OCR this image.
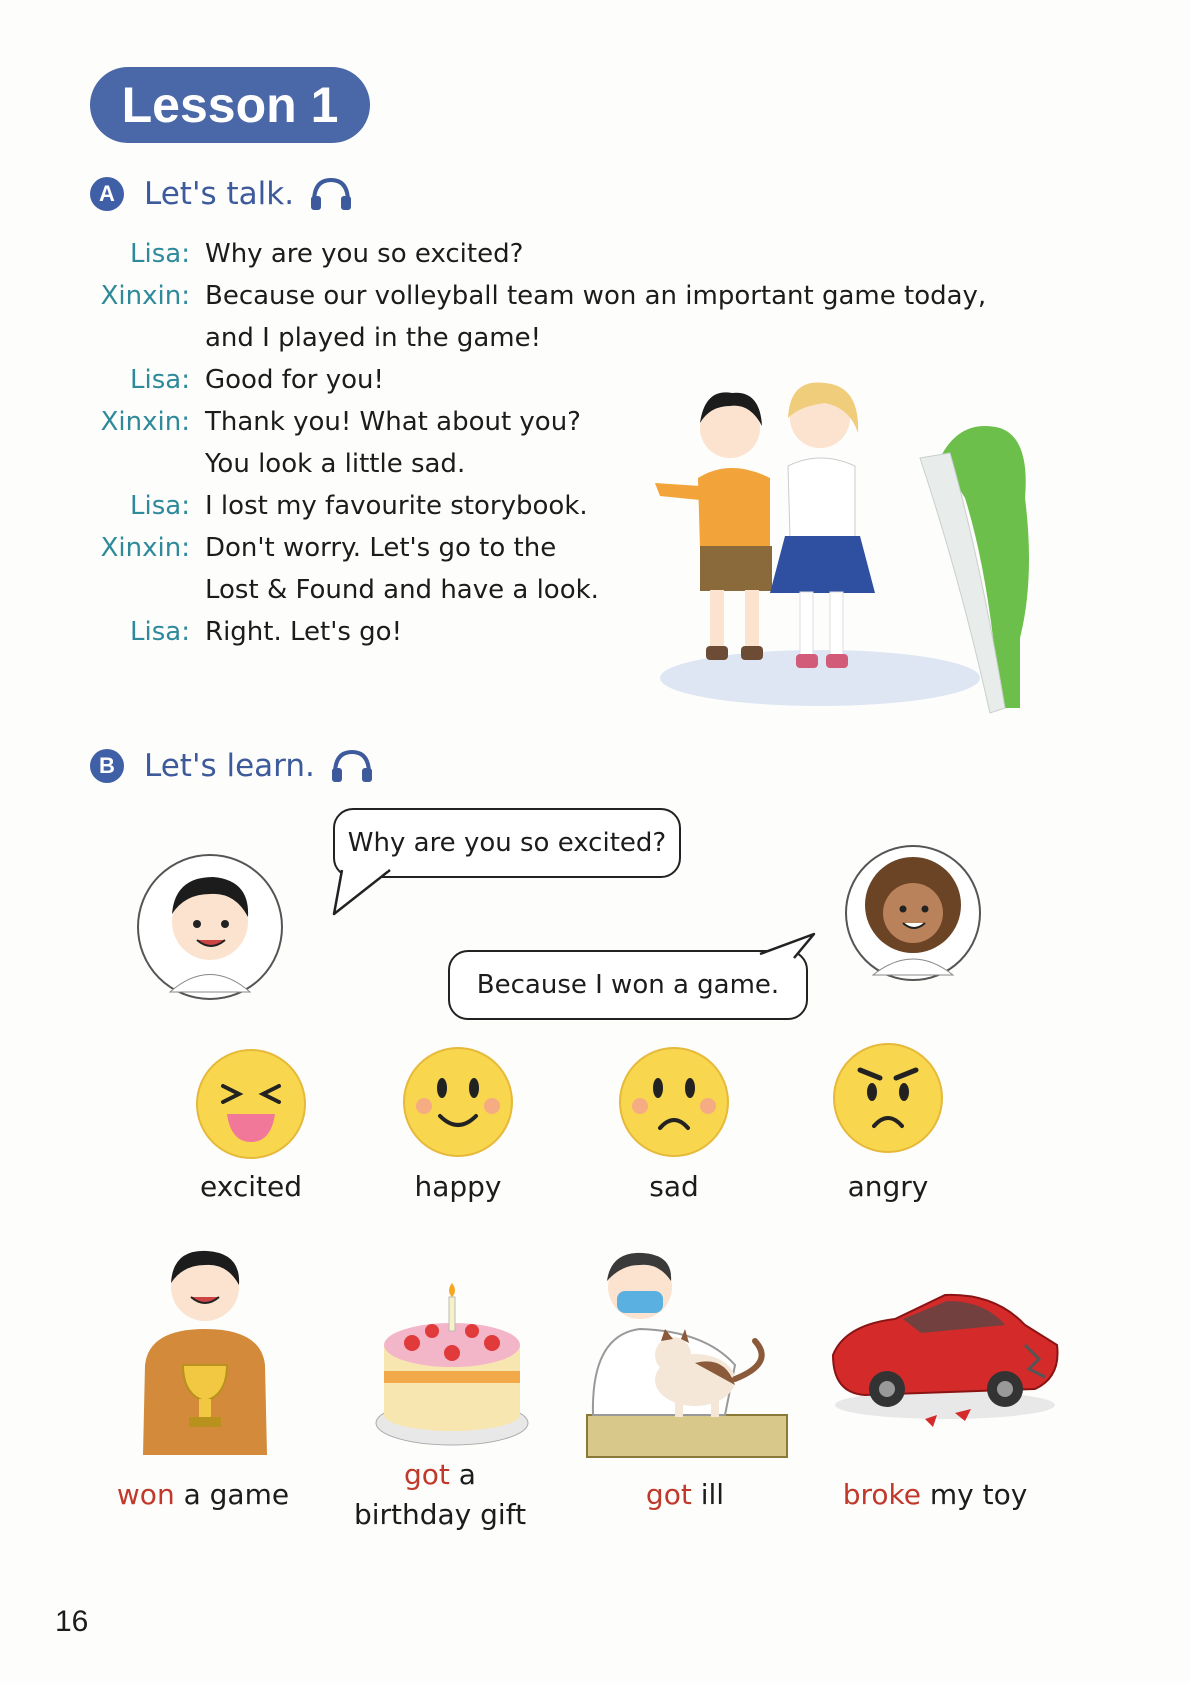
Lesson 1
A Let's talk.
Lisa: Why are you so excited?
Xinxin: Because our volleyball team won an important game today,
and I played in the game!
Lisa: Good for you!
Xinxin: Thank you! What about you?
You look a little sad.
Lisa: I lost my favourite storybook.
Xinxin: Don't worry. Let's go to the
Lost & Found and have a look.
Lisa: Right. Let's go!
B Let's learn.
Why are you so excited?
Because I won a game.
excited	happy	sad	angry
won a game
got a
birthday gift
got ill	broke my toy
16
